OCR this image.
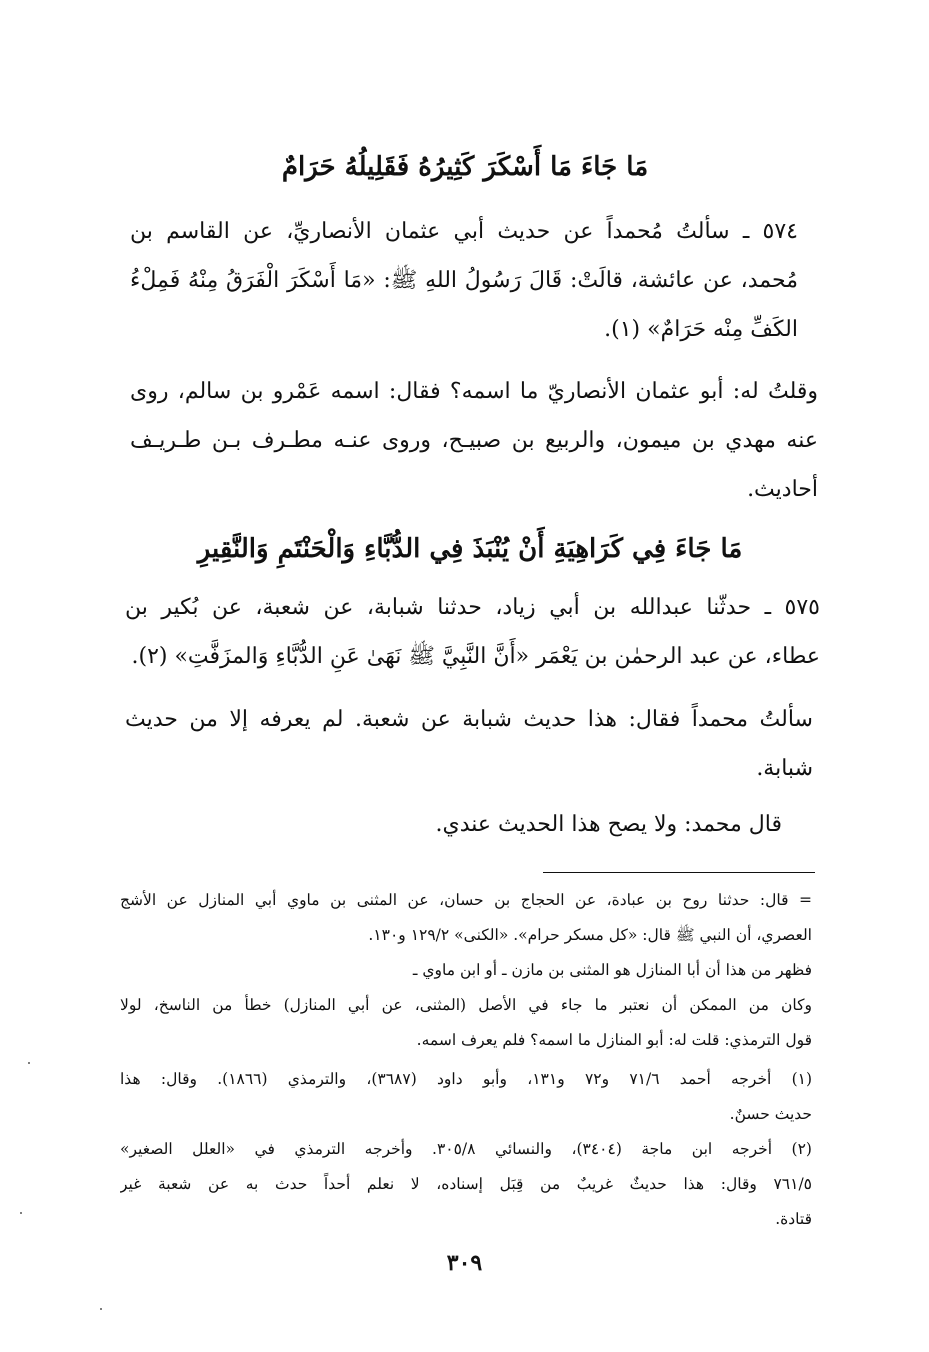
مَا جَاءَ مَا أَسْكَرَ كَثِيرُهُ فَقَلِيلُهُ حَرَامٌ
٥٧٤ ـ سألتُ مُحمداً عن حديث أبي عثمان الأنصاريِّ، عن القاسم بن
مُحمد، عن عائشة، قالَتْ: قَالَ رَسُولُ اللهِ ﷺ: «مَا أَسْكَرَ الْفَرَقُ مِنْهُ فَمِلْءُ
الكَفِّ مِنْه حَرَامٌ» (١).
وقلتُ له: أبو عثمان الأنصاريّ ما اسمه؟ فقال: اسمه عَمْرو بن سالم، روى
عنه مهدي بن ميمون، والربيع بن صبيـح، وروى عنـه مطـرف بـن طـريـف
أحاديث.
مَا جَاءَ فِي كَرَاهِيَةِ أَنْ يُنْبَذَ فِي الدُّبَّاءِ وَالْحَنْتَمِ وَالنَّقِيرِ
٥٧٥ ـ حدثّنا عبدالله بن أبي زياد، حدثنا شبابة، عن شعبة، عن بُكير بن
عطاء، عن عبد الرحمٰن بن يَعْمَر «أَنَّ النَّبِيَّ ﷺ نَهَىٰ عَنِ الدُّبَّاءِ وَالمزَفَّتِ» (٢).
سألتُ محمداً فقال: هذا حديث شبابة عن شعبة. لم يعرفه إلا من حديث
شبابة.
قال محمد: ولا يصح هذا الحديث عندي.
= قال: حدثنا روح بن عبادة، عن الحجاج بن حسان، عن المثنى بن ماوي أبي المنازل عن الأشج
العصري، أن النبي ﷺ قال: «كل مسكر حرام». «الكنى» ١٢٩/٢ و١٣٠.
فظهر من هذا أن أبا المنازل هو المثنى بن مازن ـ أو ابن ماوي ـ
وكان من الممكن أن نعتبر ما جاء في الأصل (المثنى، عن أبي المنازل) خطأ من الناسخ، لولا
قول الترمذي: قلت له: أبو المنازل ما اسمه؟ فلم يعرف اسمه.
(١) أخرجه أحمد ٧١/٦ و٧٢ و١٣١، وأبو داود (٣٦٨٧)، والترمذي (١٨٦٦). وقال: هذا
حديث حسنٌ.
(٢) أخرجه ابن ماجة (٣٤٠٤)، والنسائي ٣٠٥/٨. وأخرجه الترمذي في «العلل الصغير»
٧٦١/٥ وقال: هذا حديثٌ غريبٌ من قِبَل إسناده، لا نعلم أحداً حدث به عن شعبة غير
قتادة.
٣٠٩
